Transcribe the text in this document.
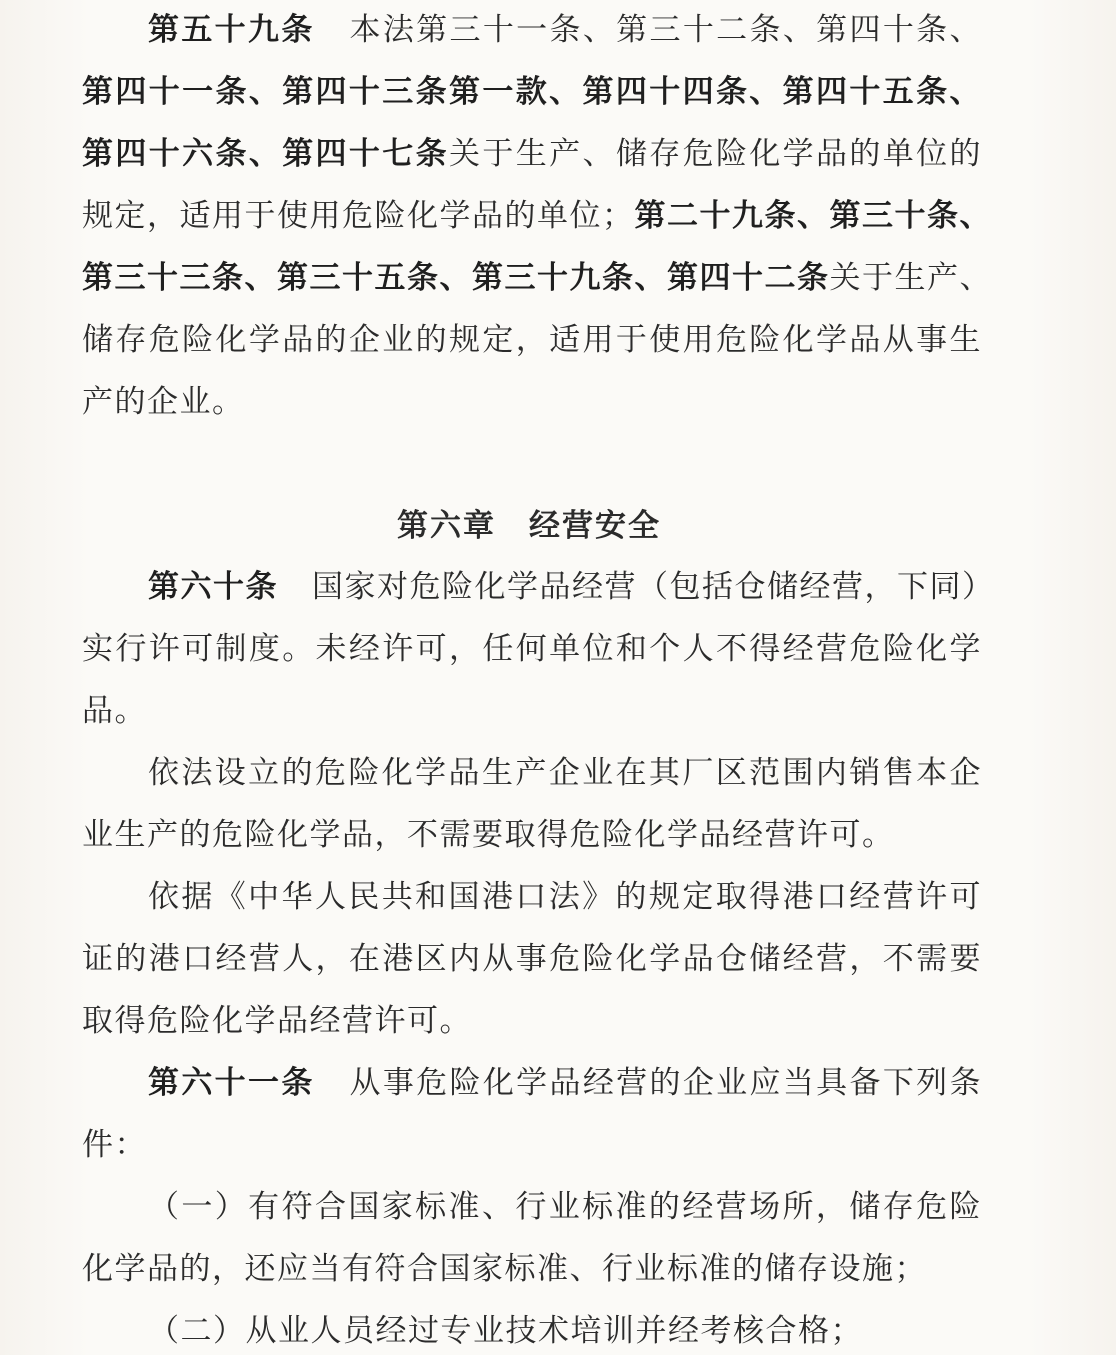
第五十九条 本法第三十一条、第三十二条、第四十条、
第四十一条、第四十三条第一款、第四十四条、第四十五条、
第四十六条、第四十七条关于生产、储存危险化学品的单位的
规定，适用于使用危险化学品的单位；第二十九条、第三十条、
第三十三条、第三十五条、第三十九条、第四十二条关于生产、
储存危险化学品的企业的规定，适用于使用危险化学品从事生
产的企业。
第六章　经营安全
第六十条 国家对危险化学品经营（包括仓储经营，下同）
实行许可制度。未经许可，任何单位和个人不得经营危险化学
品。
依法设立的危险化学品生产企业在其厂区范围内销售本企
业生产的危险化学品，不需要取得危险化学品经营许可。
依据《中华人民共和国港口法》的规定取得港口经营许可
证的港口经营人，在港区内从事危险化学品仓储经营，不需要
取得危险化学品经营许可。
第六十一条 从事危险化学品经营的企业应当具备下列条
件：
（一）有符合国家标准、行业标准的经营场所，储存危险
化学品的，还应当有符合国家标准、行业标准的储存设施；
（二）从业人员经过专业技术培训并经考核合格；
